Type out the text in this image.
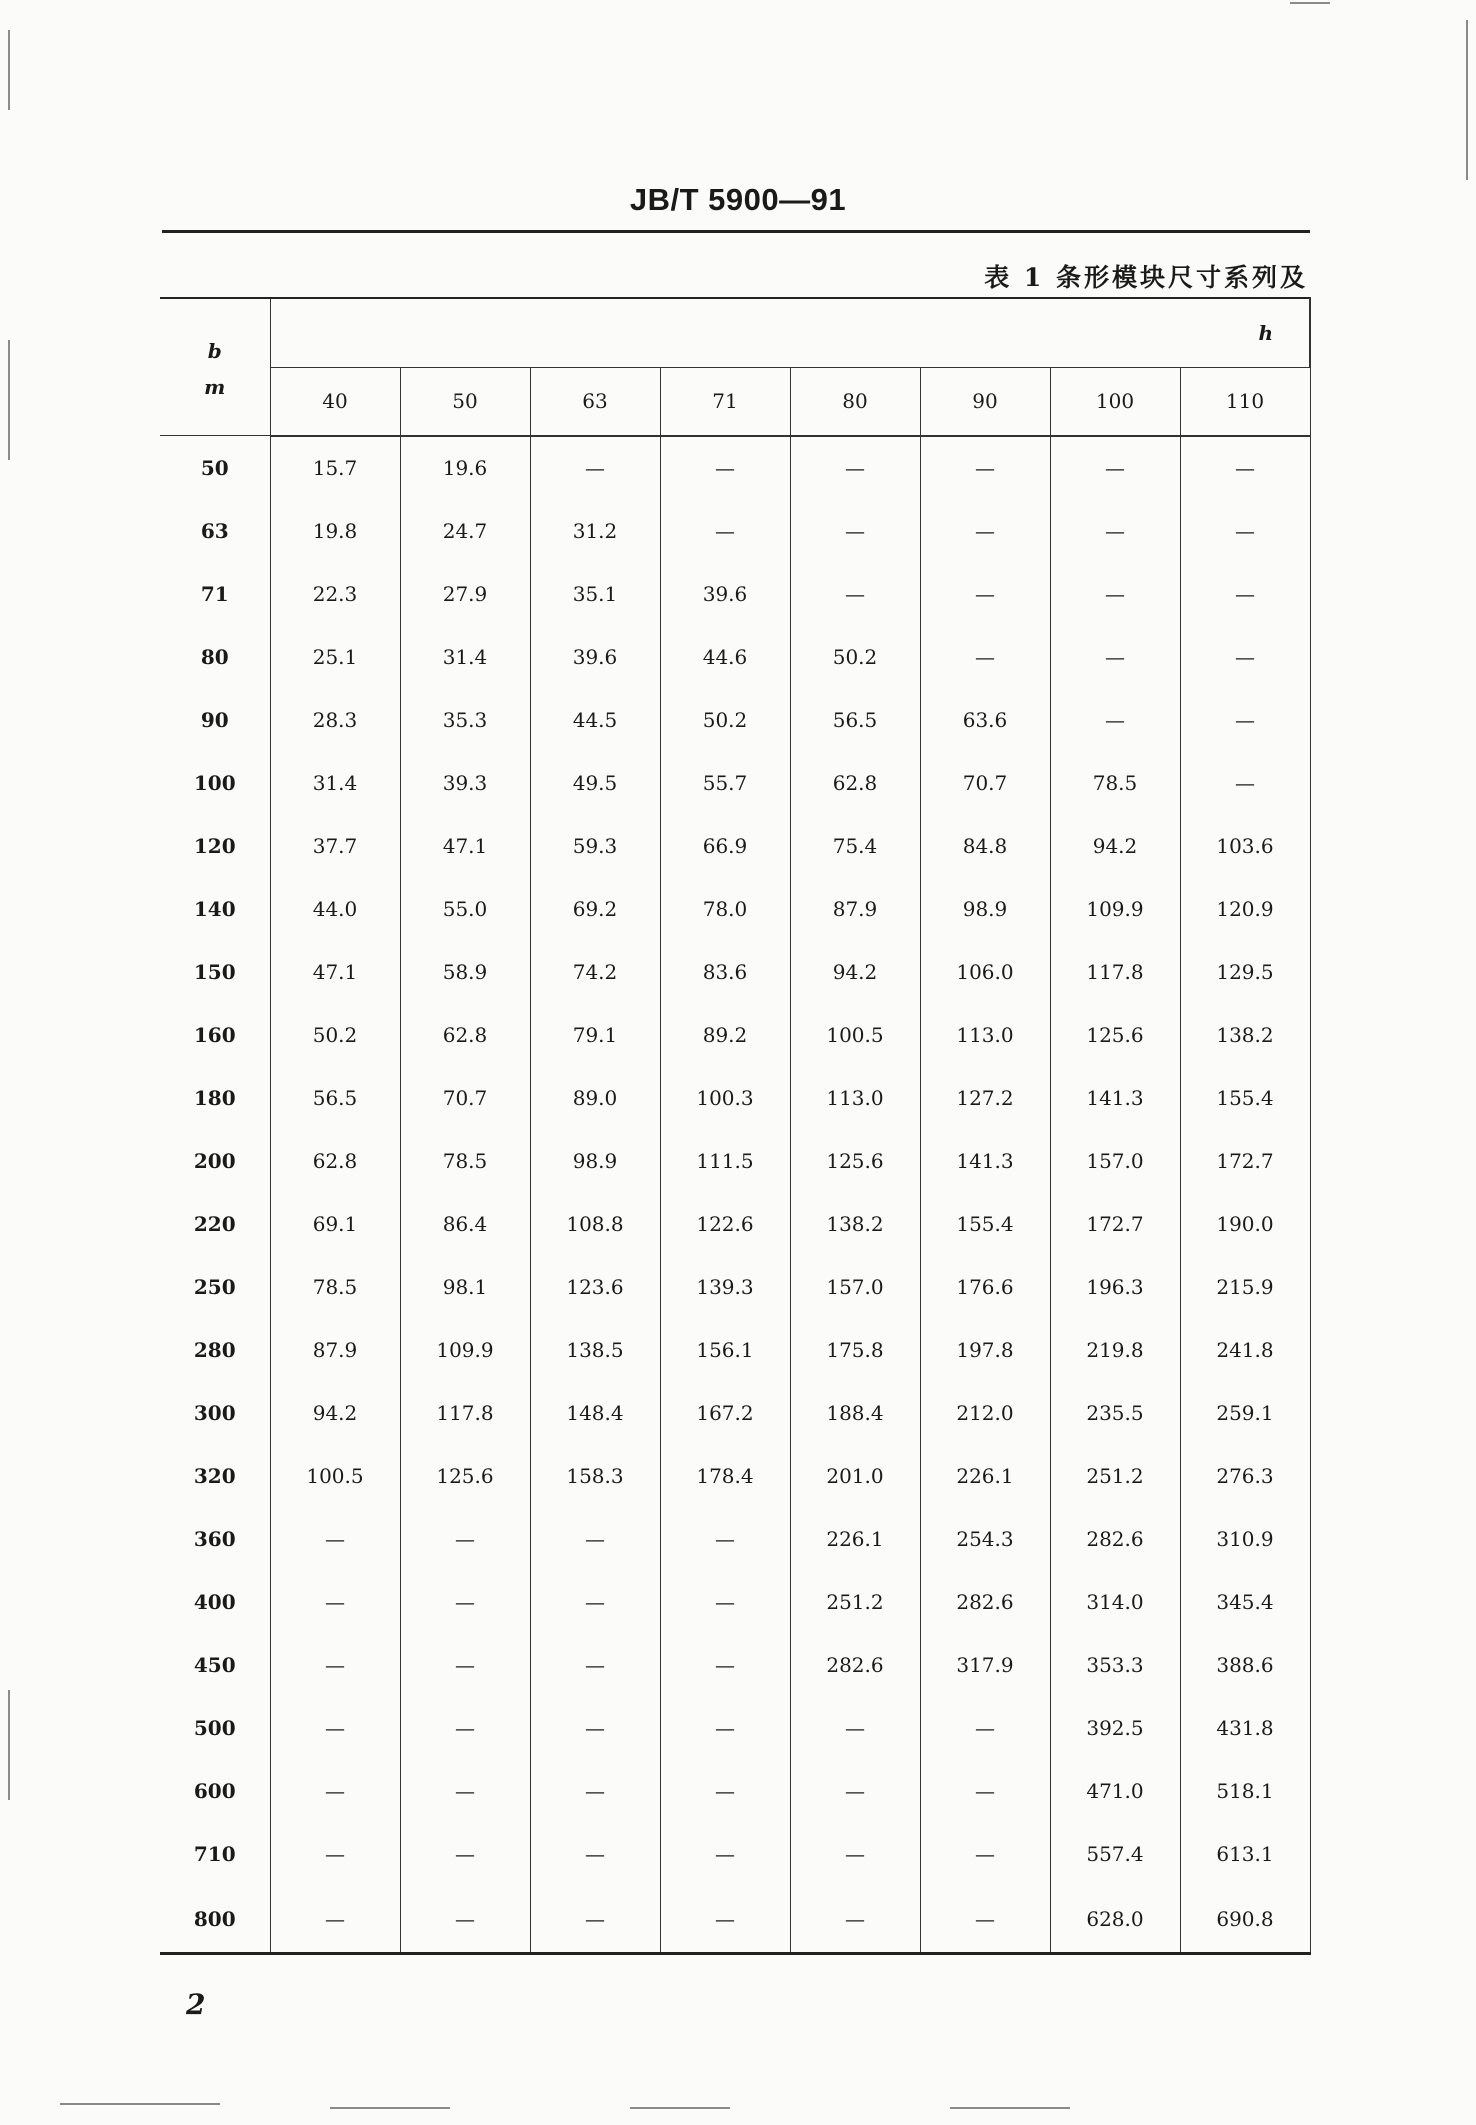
JB/T 5900—91
表 1 条形模块尺寸系列及
b
m	h							

	40	50	63	71	80	90	100	110
50	15.7	19.6	—	—	—	—	—	—
63	19.8	24.7	31.2	—	—	—	—	—
71	22.3	27.9	35.1	39.6	—	—	—	—
80	25.1	31.4	39.6	44.6	50.2	—	—	—
90	28.3	35.3	44.5	50.2	56.5	63.6	—	—
100	31.4	39.3	49.5	55.7	62.8	70.7	78.5	—
120	37.7	47.1	59.3	66.9	75.4	84.8	94.2	103.6
140	44.0	55.0	69.2	78.0	87.9	98.9	109.9	120.9
150	47.1	58.9	74.2	83.6	94.2	106.0	117.8	129.5
160	50.2	62.8	79.1	89.2	100.5	113.0	125.6	138.2
180	56.5	70.7	89.0	100.3	113.0	127.2	141.3	155.4
200	62.8	78.5	98.9	111.5	125.6	141.3	157.0	172.7
220	69.1	86.4	108.8	122.6	138.2	155.4	172.7	190.0
250	78.5	98.1	123.6	139.3	157.0	176.6	196.3	215.9
280	87.9	109.9	138.5	156.1	175.8	197.8	219.8	241.8
300	94.2	117.8	148.4	167.2	188.4	212.0	235.5	259.1
320	100.5	125.6	158.3	178.4	201.0	226.1	251.2	276.3
360	—	—	—	—	226.1	254.3	282.6	310.9
400	—	—	—	—	251.2	282.6	314.0	345.4
450	—	—	—	—	282.6	317.9	353.3	388.6
500	—	—	—	—	—	—	392.5	431.8
600	—	—	—	—	—	—	471.0	518.1
710	—	—	—	—	—	—	557.4	613.1
800	—	—	—	—	—	—	628.0	690.8
2
